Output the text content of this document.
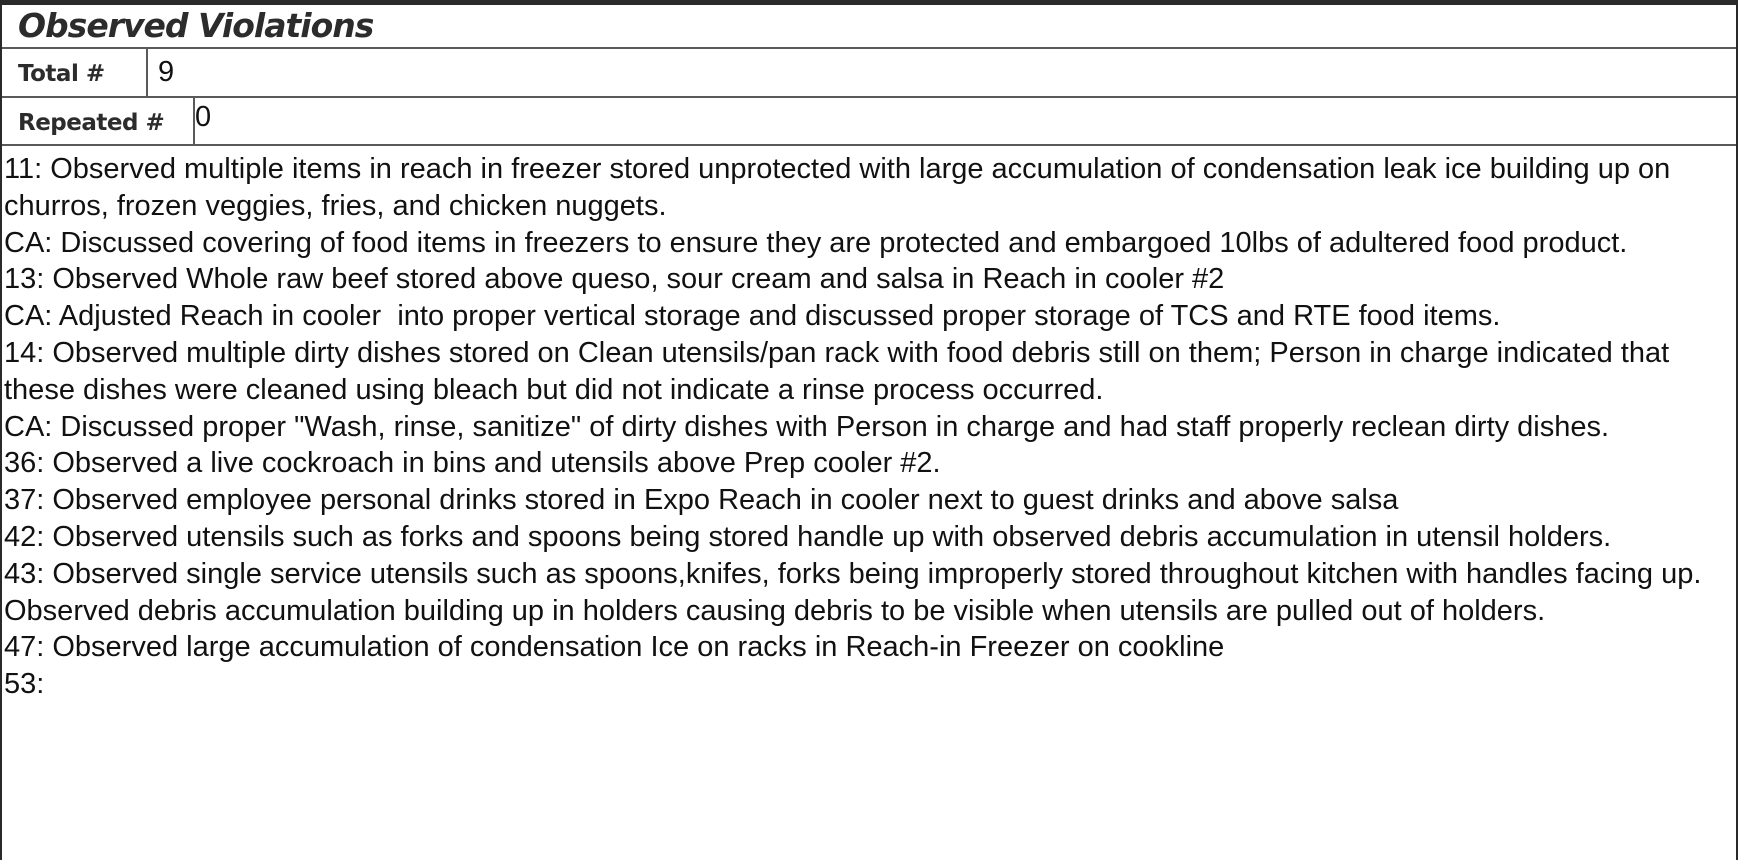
Observed Violations
Total # 9
Repeated # 0

11: Observed multiple items in reach in freezer stored unprotected with large accumulation of condensation leak ice building up on churros, frozen veggies, fries, and chicken nuggets.

CA: Discussed covering of food items in freezers to ensure they are protected and embargoed 10lbs of adultered food product.

13: Observed Whole raw beef stored above queso, sour cream and salsa in Reach in cooler #2

CA: Adjusted Reach in cooler  into proper vertical storage and discussed proper storage of TCS and RTE food items.

14: Observed multiple dirty dishes stored on Clean utensils/pan rack with food debris still on them; Person in charge indicated that these dishes were cleaned using bleach but did not indicate a rinse process occurred.

CA: Discussed proper "Wash, rinse, sanitize" of dirty dishes with Person in charge and had staff properly reclean dirty dishes.

36: Observed a live cockroach in bins and utensils above Prep cooler #2.

37: Observed employee personal drinks stored in Expo Reach in cooler next to guest drinks and above salsa

42: Observed utensils such as forks and spoons being stored handle up with observed debris accumulation in utensil holders.

43: Observed single service utensils such as spoons,knifes, forks being improperly stored throughout kitchen with handles facing up. Observed debris accumulation building up in holders causing debris to be visible when utensils are pulled out of holders.

47: Observed large accumulation of condensation Ice on racks in Reach-in Freezer on cookline

53:
